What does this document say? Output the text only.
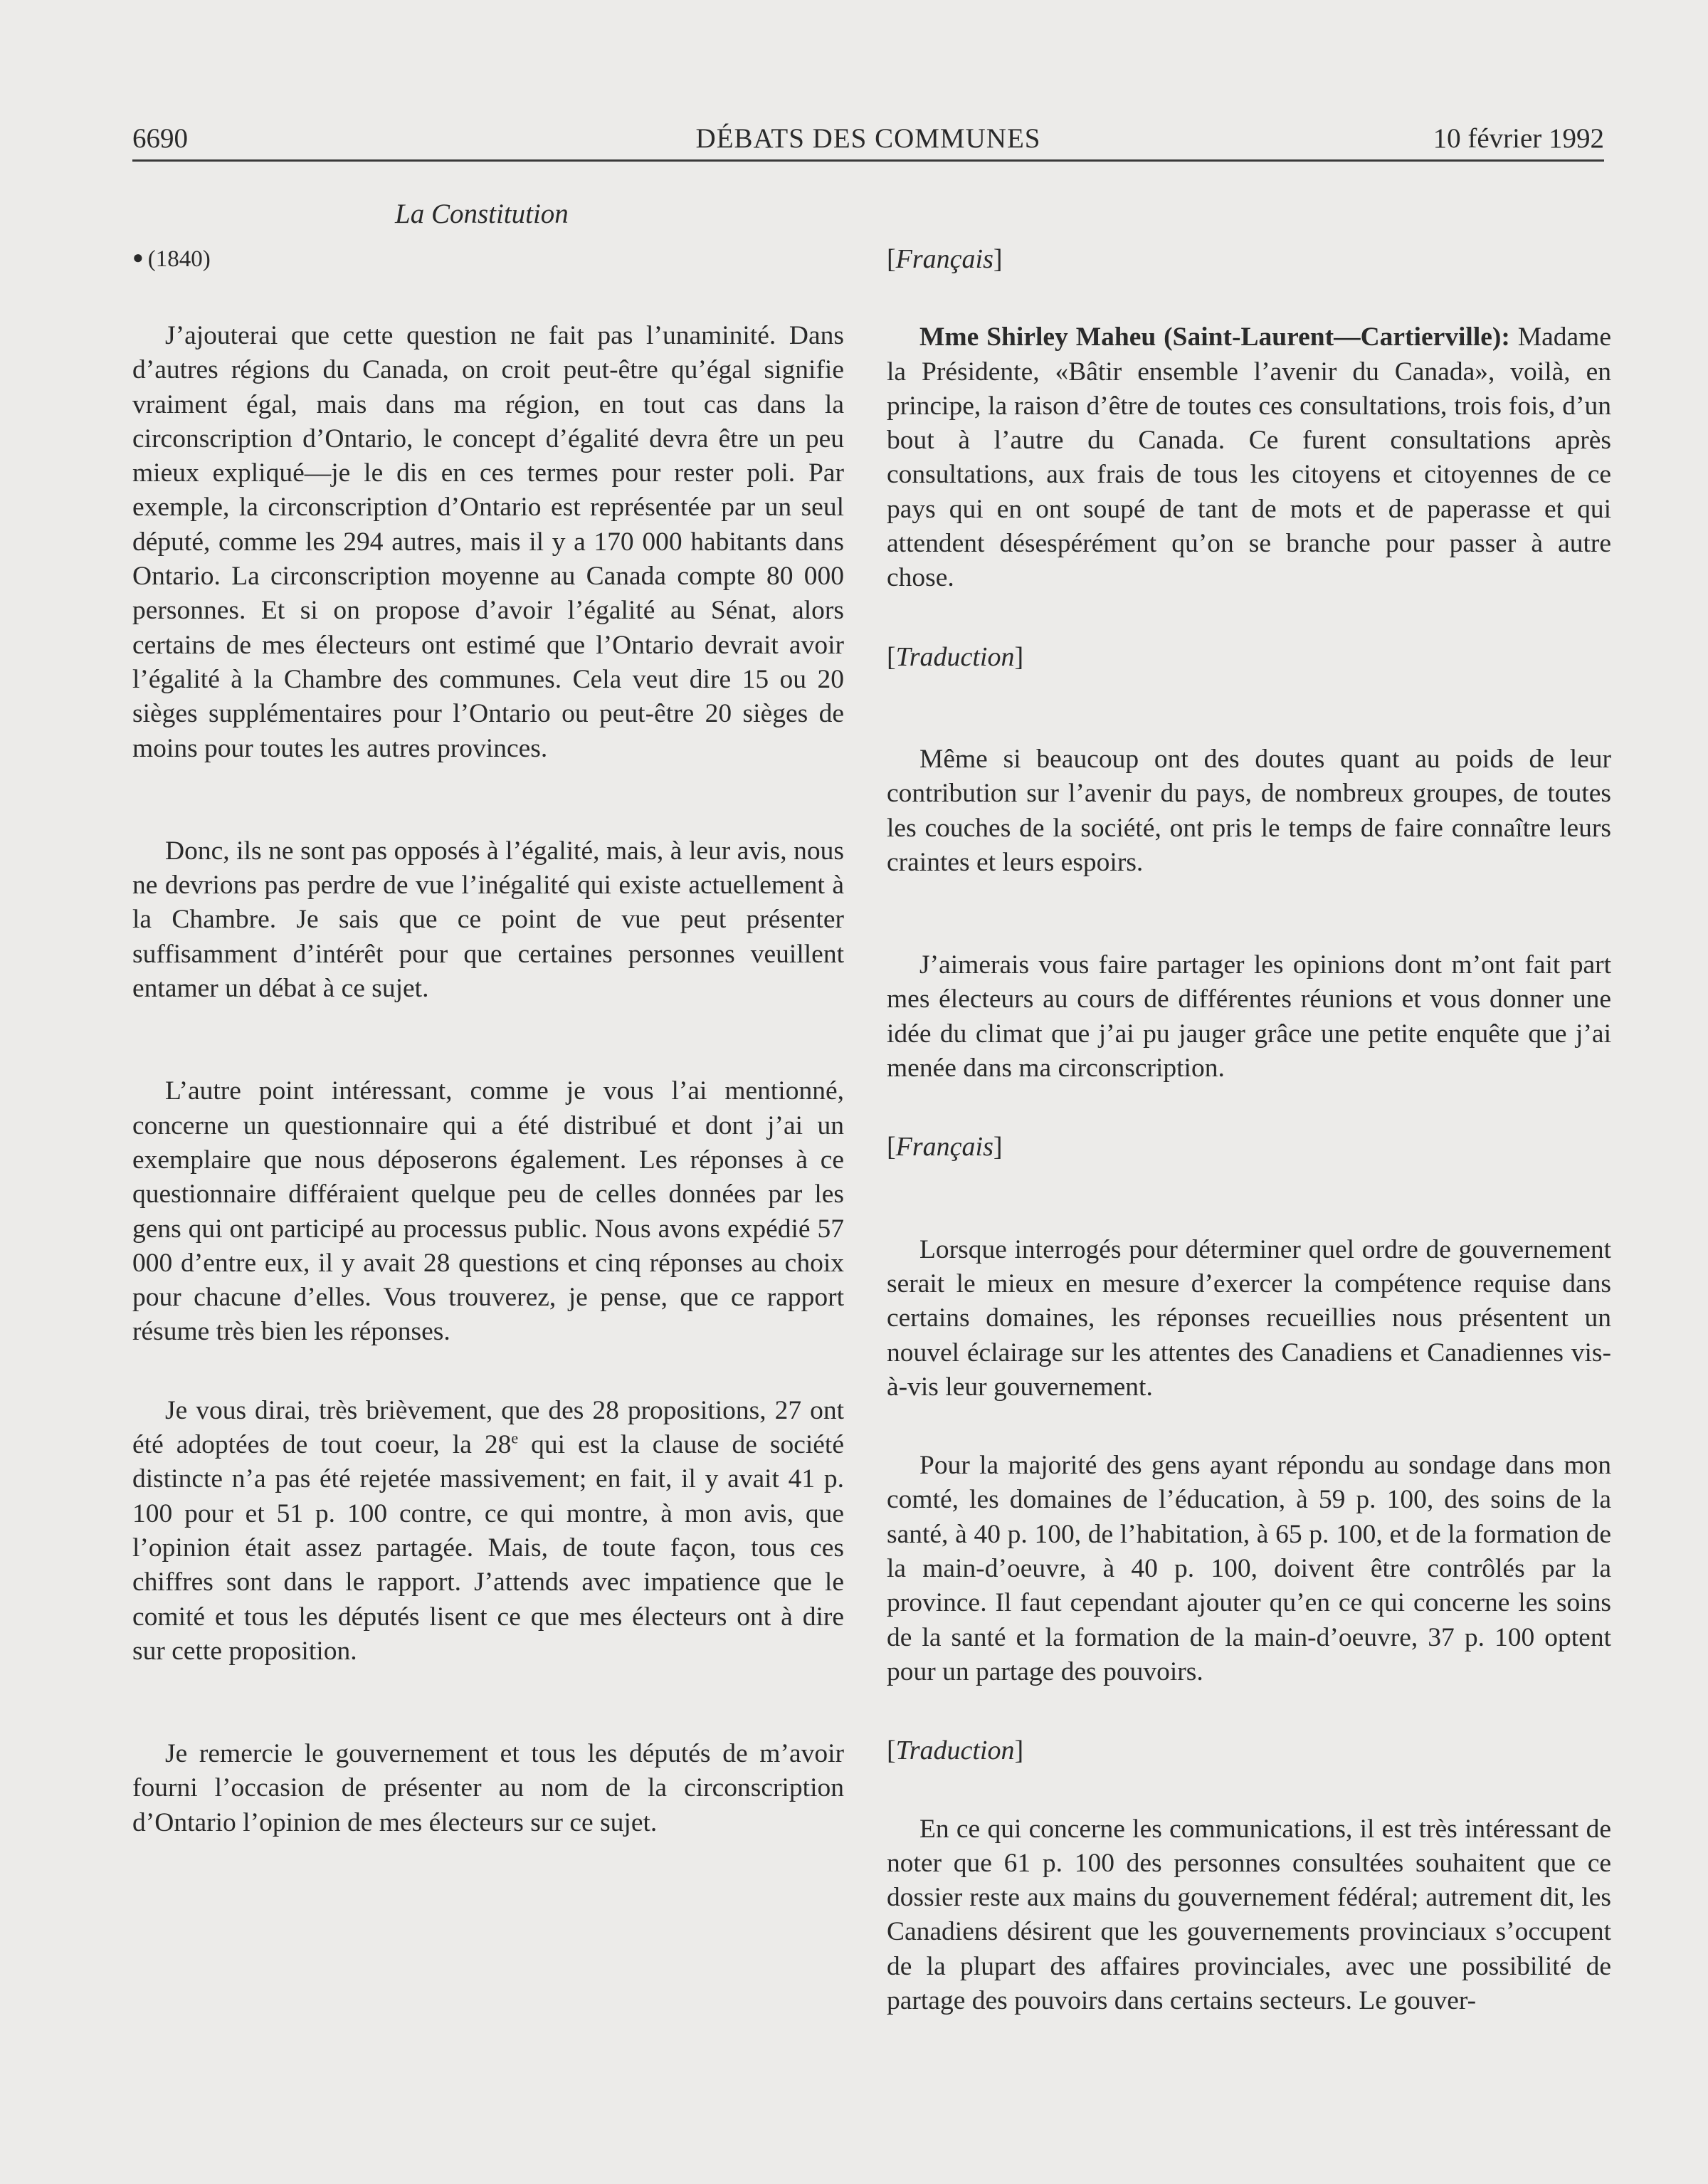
6690	DÉBATS DES COMMUNES	10 février 1992
La Constitution

● (1840)

J’ajouterai que cette question ne fait pas l’unaminité. Dans d’autres régions du Canada, on croit peut-être qu’égal signifie vraiment égal, mais dans ma région, en tout cas dans la circonscription d’Ontario, le concept d’égalité devra être un peu mieux expliqué—je le dis en ces termes pour rester poli. Par exemple, la circonscription d’Ontario est représentée par un seul député, comme les 294 autres, mais il y a 170 000 habitants dans Ontario. La circonscription moyenne au Canada compte 80 000 personnes. Et si on propose d’avoir l’égalité au Sénat, alors certains de mes électeurs ont estimé que l’Ontario devrait avoir l’égalité à la Chambre des communes. Cela veut dire 15 ou 20 sièges supplémentaires pour l’Ontario ou peut-être 20 sièges de moins pour toutes les autres provinces.

Donc, ils ne sont pas opposés à l’égalité, mais, à leur avis, nous ne devrions pas perdre de vue l’inégalité qui existe actuellement à la Chambre. Je sais que ce point de vue peut présenter suffisamment d’intérêt pour que certaines personnes veuillent entamer un débat à ce sujet.

L’autre point intéressant, comme je vous l’ai mentionné, concerne un questionnaire qui a été distribué et dont j’ai un exemplaire que nous déposerons également. Les réponses à ce questionnaire différaient quelque peu de celles données par les gens qui ont participé au processus public. Nous avons expédié 57 000 d’entre eux, il y avait 28 questions et cinq réponses au choix pour chacune d’elles. Vous trouverez, je pense, que ce rapport résume très bien les réponses.

Je vous dirai, très brièvement, que des 28 propositions, 27 ont été adoptées de tout coeur, la 28e qui est la clause de société distincte n’a pas été rejetée massivement; en fait, il y avait 41 p. 100 pour et 51 p. 100 contre, ce qui montre, à mon avis, que l’opinion était assez partagée. Mais, de toute façon, tous ces chiffres sont dans le rapport. J’attends avec impatience que le comité et tous les députés lisent ce que mes électeurs ont à dire sur cette proposition.

Je remercie le gouvernement et tous les députés de m’avoir fourni l’occasion de présenter au nom de la circonscription d’Ontario l’opinion de mes électeurs sur ce sujet.

[Français]

Mme Shirley Maheu (Saint-Laurent—Cartierville): Madame la Présidente, «Bâtir ensemble l’avenir du Canada», voilà, en principe, la raison d’être de toutes ces consultations, trois fois, d’un bout à l’autre du Canada. Ce furent consultations après consultations, aux frais de tous les citoyens et citoyennes de ce pays qui en ont soupé de tant de mots et de paperasse et qui attendent désespérément qu’on se branche pour passer à autre chose.

[Traduction]

Même si beaucoup ont des doutes quant au poids de leur contribution sur l’avenir du pays, de nombreux groupes, de toutes les couches de la société, ont pris le temps de faire connaître leurs craintes et leurs espoirs.

J’aimerais vous faire partager les opinions dont m’ont fait part mes électeurs au cours de différentes réunions et vous donner une idée du climat que j’ai pu jauger grâce une petite enquête que j’ai menée dans ma circonscription.

[Français]

Lorsque interrogés pour déterminer quel ordre de gouvernement serait le mieux en mesure d’exercer la compétence requise dans certains domaines, les réponses recueillies nous présentent un nouvel éclairage sur les attentes des Canadiens et Canadiennes vis-à-vis leur gouvernement.

Pour la majorité des gens ayant répondu au sondage dans mon comté, les domaines de l’éducation, à 59 p. 100, des soins de la santé, à 40 p. 100, de l’habitation, à 65 p. 100, et de la formation de la main-d’oeuvre, à 40 p. 100, doivent être contrôlés par la province. Il faut cependant ajouter qu’en ce qui concerne les soins de la santé et la formation de la main-d’oeuvre, 37 p. 100 optent pour un partage des pouvoirs.

[Traduction]

En ce qui concerne les communications, il est très intéressant de noter que 61 p. 100 des personnes consultées souhaitent que ce dossier reste aux mains du gouvernement fédéral; autrement dit, les Canadiens désirent que les gouvernements provinciaux s’occupent de la plupart des affaires provinciales, avec une possibilité de partage des pouvoirs dans certains secteurs. Le gouver-
